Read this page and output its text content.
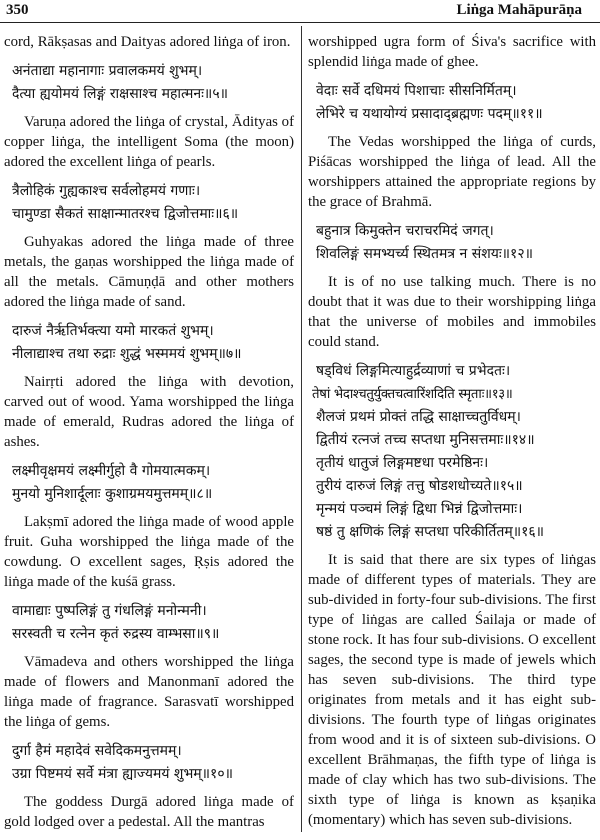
350	Liṅga Mahāpurāṇa
cord, Rākṣasas and Daityas adored liṅga of iron.
अनंताद्या महानागाः प्रवालकमयं शुभम्।
दैत्या ह्ययोमयं लिङ्गं राक्षसाश्च महात्मनः॥५॥
Varuṇa adored the liṅga of crystal, Ādityas of copper liṅga, the intelligent Soma (the moon) adored the excellent liṅga of pearls.
त्रैलोहिकं गुह्यकाश्च सर्वलोहमयं गणाः।
चामुण्डा सैकतं साक्षान्मातरश्च द्विजोत्तमाः॥६॥
Guhyakas adored the liṅga made of three metals, the gaṇas worshipped the liṅga made of all the metals. Cāmuṇḍā and other mothers adored the liṅga made of sand.
दारुजं नैर्ऋतिर्भक्त्या यमो मारकतं शुभम्।
नीलाद्याश्च तथा रुद्राः शुद्धं भस्ममयं शुभम्॥७॥
Nairṛti adored the liṅga with devotion, carved out of wood. Yama worshipped the liṅga made of emerald, Rudras adored the liṅga of ashes.
लक्ष्मीवृक्षमयं लक्ष्मीर्गुहो वै गोमयात्मकम्।
मुनयो मुनिशार्दूलाः कुशाग्रमयमुत्तमम्॥८॥
Lakṣmī adored the liṅga made of wood apple fruit. Guha worshipped the liṅga made of the cowdung. O excellent sages, Ṛṣis adored the liṅga made of the kuśā grass.
वामाद्याः पुष्पलिङ्गं तु गंधलिङ्गं मनोन्मनी।
सरस्वती च रत्नेन कृतं रुद्रस्य वाम्भसा॥९॥
Vāmadeva and others worshipped the liṅga made of flowers and Manonmanī adored the liṅga made of fragrance. Sarasvatī worshipped the liṅga of gems.
दुर्गा हैमं महादेवं सवेदिकमनुत्तमम्।
उग्रा पिष्टमयं सर्वे मंत्रा ह्याज्यमयं शुभम्॥१०॥
The goddess Durgā adored liṅga made of gold lodged over a pedestal. All the mantras
worshipped ugra form of Śiva's sacrifice with splendid liṅga made of ghee.
वेदाः सर्वे दधिमयं पिशाचाः सीसनिर्मितम्।
लेभिरे च यथायोग्यं प्रसादाद्ब्रह्मणः पदम्॥११॥
The Vedas worshipped the liṅga of curds, Piśācas worshipped the liṅga of lead. All the worshippers attained the appropriate regions by the grace of Brahmā.
बहुनात्र किमुक्तेन चराचरमिदं जगत्।
शिवलिङ्गं समभ्यर्च्य स्थितमत्र न संशयः॥१२॥
It is of no use talking much. There is no doubt that it was due to their worshipping liṅga that the universe of mobiles and immobiles could stand.
षड्विधं लिङ्गमित्याहुर्द्रव्याणां च प्रभेदतः।
तेषां भेदाश्चतुर्युक्तचत्वारिंशदिति स्मृताः॥१३॥
शैलजं प्रथमं प्रोक्तं तद्धि साक्षाच्चतुर्विधम्।
द्वितीयं रत्नजं तच्च सप्तधा मुनिसत्तमाः॥१४॥
तृतीयं धातुजं लिङ्गमष्टधा परमेष्ठिनः।
तुरीयं दारुजं लिङ्गं तत्तु षोडशधोच्यते॥१५॥
मृन्मयं पञ्चमं लिङ्गं द्विधा भिन्नं द्विजोत्तमाः।
षष्ठं तु क्षणिकं लिङ्गं सप्तधा परिकीर्तितम्॥१६॥
It is said that there are six types of liṅgas made of different types of materials. They are sub-divided in forty-four sub-divisions. The first type of liṅgas are called Śailaja or made of stone rock. It has four sub-divisions. O excellent sages, the second type is made of jewels which has seven sub-divisions. The third type originates from metals and it has eight sub-divisions. The fourth type of liṅgas originates from wood and it is of sixteen sub-divisions. O excellent Brāhmaṇas, the fifth type of liṅga is made of clay which has two sub-divisions. The sixth type of liṅga is known as kṣaṇika (momentary) which has seven sub-divisions.
